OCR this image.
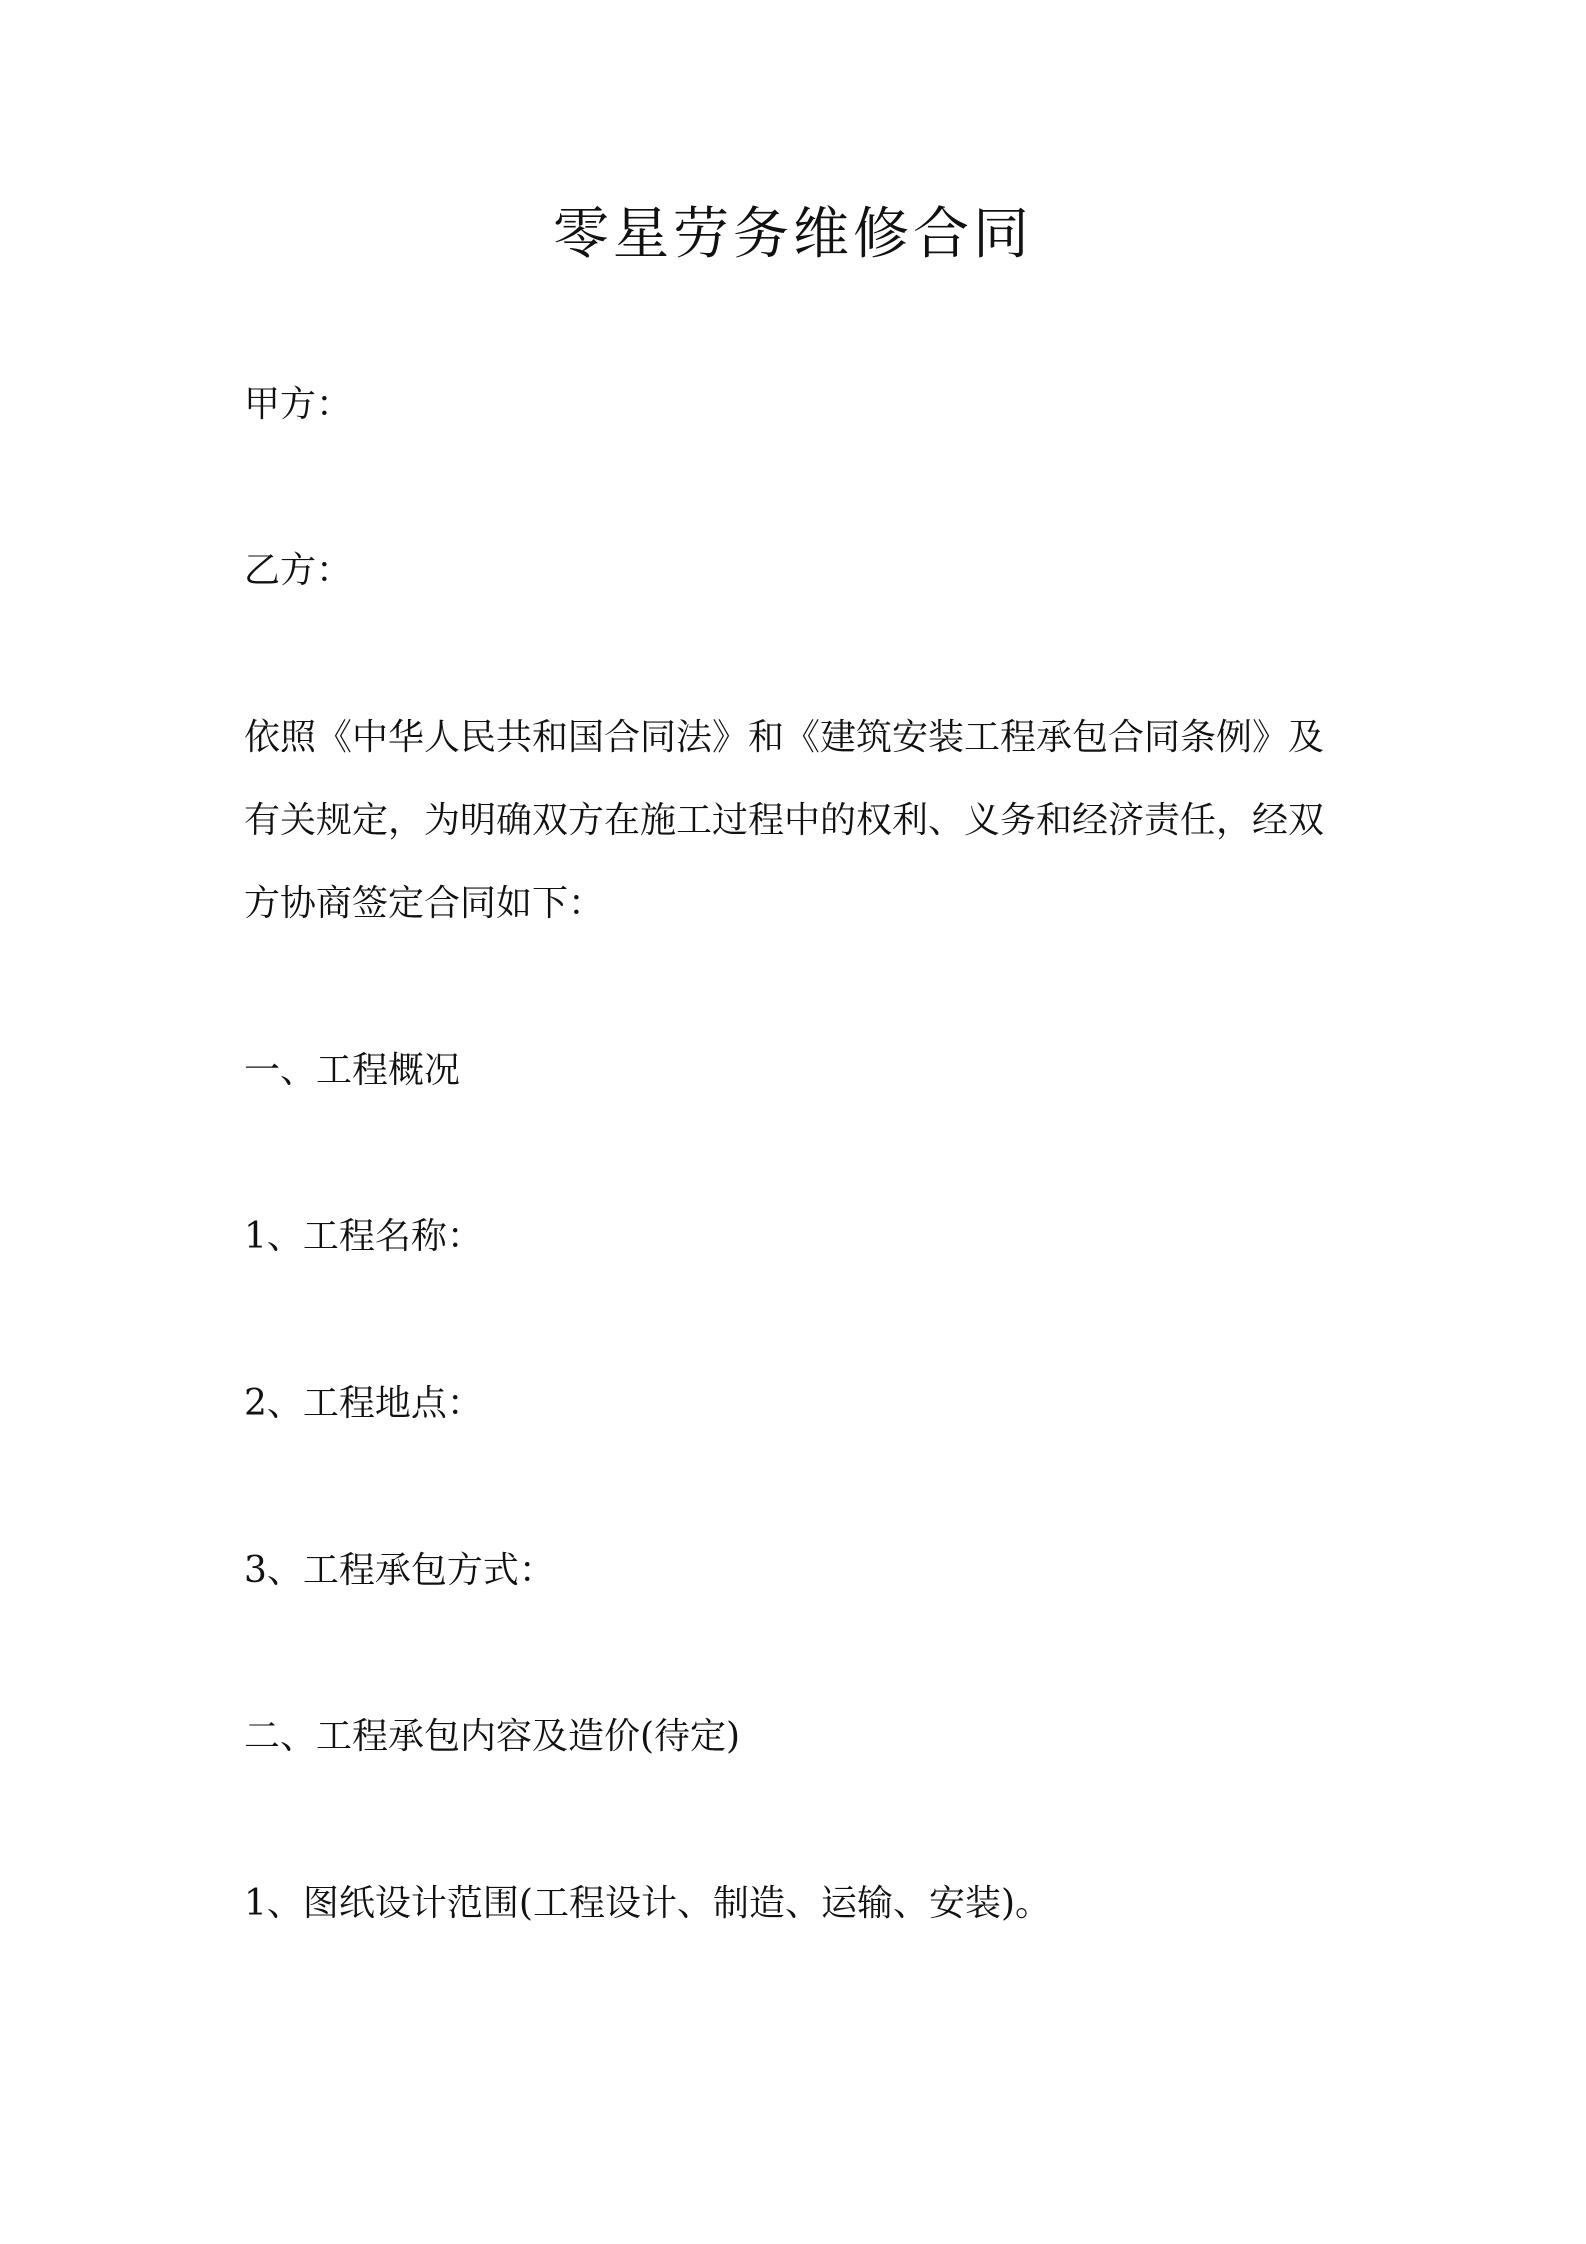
零星劳务维修合同

甲方：

乙方：

依照《中华人民共和国合同法》和《建筑安装工程承包合同条例》及

有关规定，为明确双方在施工过程中的权利、义务和经济责任，经双

方协商签定合同如下：

一、工程概况

1、工程名称：

2、工程地点：

3、工程承包方式：

二、工程承包内容及造价(待定)

1、图纸设计范围(工程设计、制造、运输、安装)。
